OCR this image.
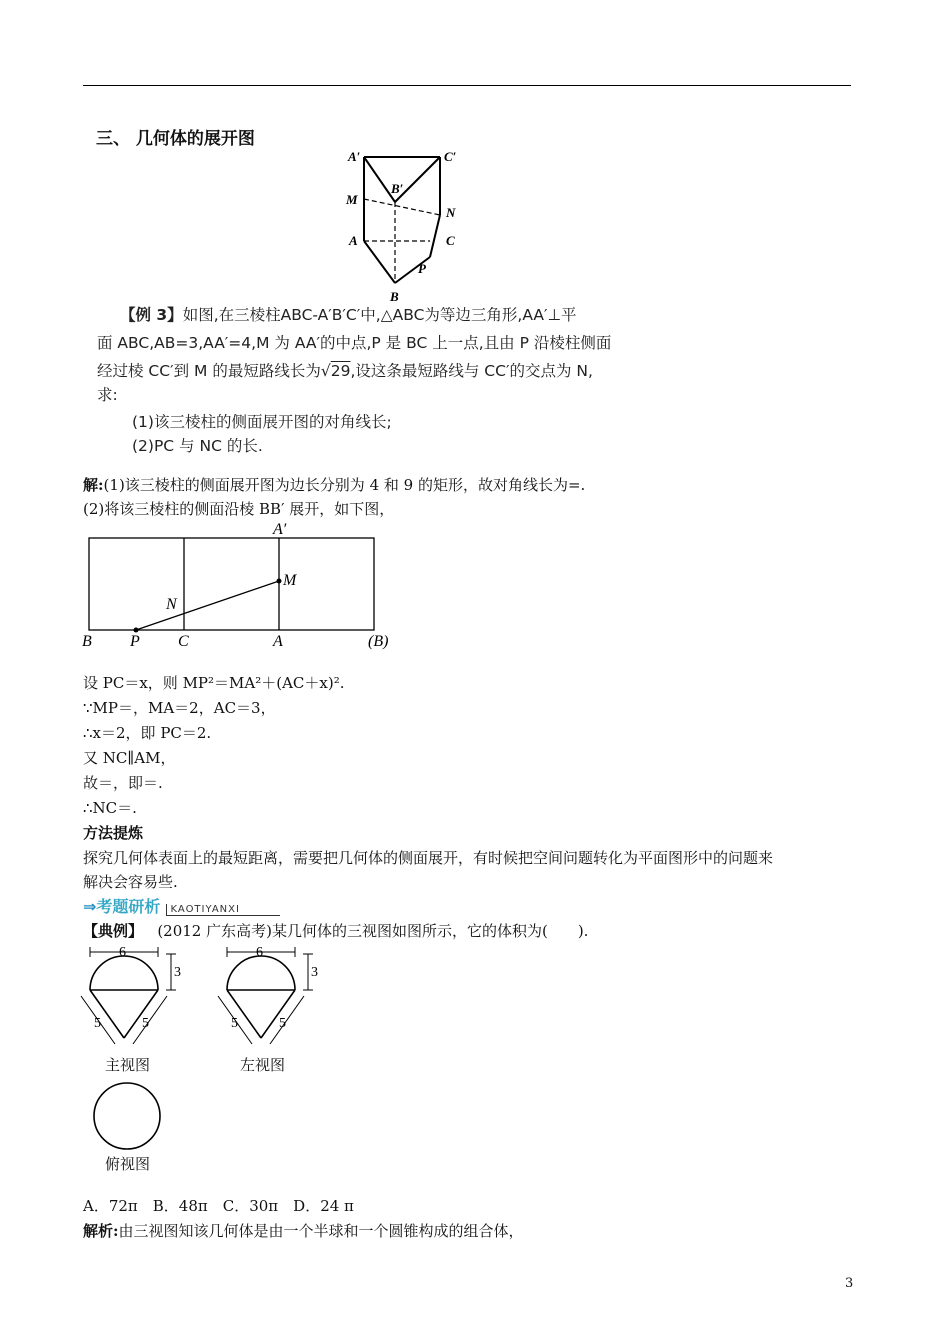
三、 几何体的展开图
A′	C′
B′
M
N
A	C
P
B
【例 3】如图,在三棱柱ABC-A′B′C′中,△ABC为等边三角形,AA′⊥平
面 ABC,AB=3,AA′=4,M 为 AA′的中点,P 是 BC 上一点,且由 P 沿棱柱侧面
经过棱 CC′到 M 的最短路线长为√29,设这条最短路线与 CC′的交点为 N,
求:
(1)该三棱柱的侧面展开图的对角线长;
(2)PC 与 NC 的长.
解:(1)该三棱柱的侧面展开图为边长分别为 4 和 9 的矩形，故对角线长为=.
(2)将该三棱柱的侧面沿棱 BB′ 展开，如下图，
A′
M
N
B P C	A	(B)
设 PC＝x，则 MP²＝MA²＋(AC＋x)².
∵MP＝，MA＝2，AC＝3，
∴x＝2，即 PC＝2.
又 NC∥AM，
故＝，即＝.
∴NC＝.
方法提炼
探究几何体表面上的最短距离，需要把几何体的侧面展开，有时候把空间问题转化为平面图形中的问题来
解决会容易些.
⇒考题研析 KAOTIYANXI
【典例】 (2012 广东高考)某几何体的三视图如图所示，它的体积为(　　).
6
3
5	5
主视图
6
3
5	5
左视图
俯视图
A．72π　B．48π　C．30π　D．24 π
解析:由三视图知该几何体是由一个半球和一个圆锥构成的组合体，
3
